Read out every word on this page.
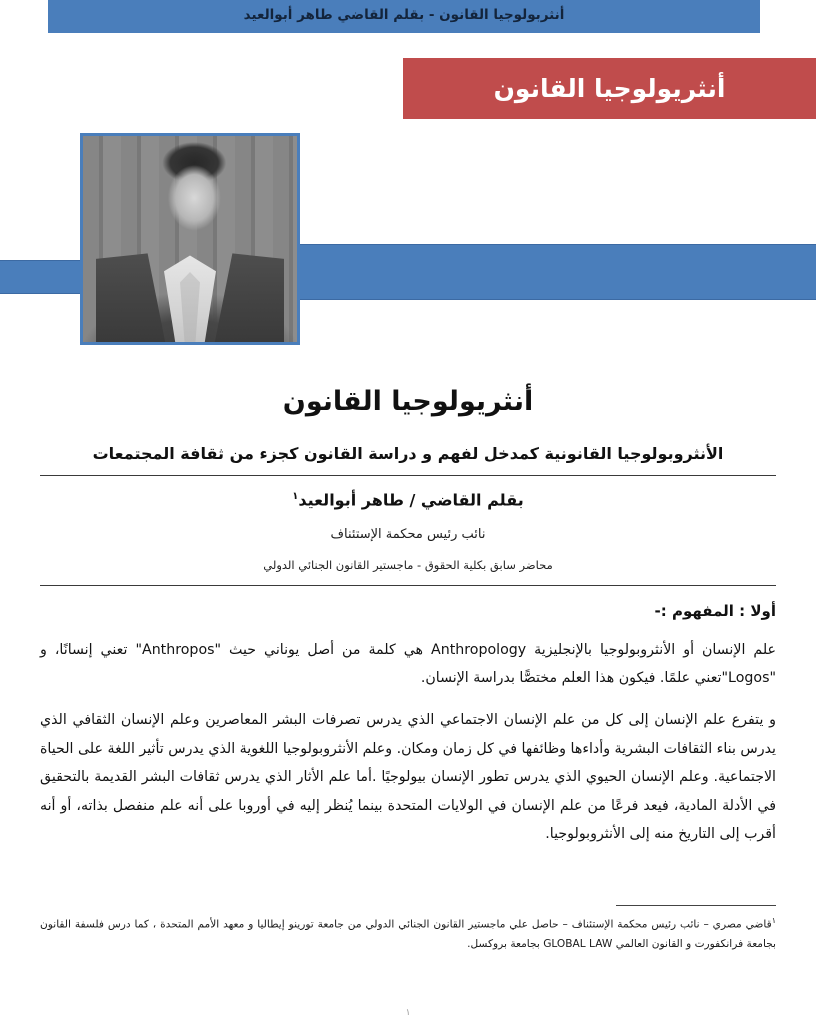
أنثربولوجيا القانون - بقلم القاضي طاهر أبوالعيد
أنثريولوجيا القانون
أنثريولوجيا القانون
الأنثروبولوجيا القانونية كمدخل لفهم و دراسة القانون كجزء من ثقافة المجتمعات

بقلم القاضي / طاهر أبوالعيد$^١$

نائب رئيس محكمة الإستئناف

محاضر سابق بكلية الحقوق - ماجستير القانون الجنائي الدولي

أولا : المفهوم :-

علم الإنسان أو الأنثروبولوجيا بالإنجليزية Anthropology هي كلمة من أصل يوناني حيث "Anthropos" تعني إنسانًا، و "Logos"تعني علمًا. فيكون هذا العلم مختصًّا بدراسة الإنسان.

و يتفرع علم الإنسان إلى كل من علم الإنسان الاجتماعي الذي يدرس تصرفات البشر المعاصرين وعلم الإنسان الثقافي الذي يدرس بناء الثقافات البشرية وأداءها وظائفها في كل زمان ومكان. وعلم الأنثروبولوجيا اللغوية الذي يدرس تأثير اللغة على الحياة الاجتماعية. وعلم الإنسان الحيوي الذي يدرس تطور الإنسان بيولوجيًا .أما علم الأثار الذي يدرس ثقافات البشر القديمة بالتحقيق في الأدلة المادية، فيعد فرعًا من علم الإنسان في الولايات المتحدة بينما يُنظر إليه في أوروبا على أنه علم منفصل بذاته، أو أنه أقرب إلى التاريخ منه إلى الأنثروبولوجيا.

$^١$قاضي مصري – نائب رئيس محكمة الإستئناف – حاصل علي ماجستير القانون الجنائي الدولي من جامعة تورينو إيطاليا و معهد الأمم المتحدة ، كما درس فلسفة القانون بجامعة فرانكفورت و القانون العالمي GLOBAL LAW بجامعة بروكسل.

١
